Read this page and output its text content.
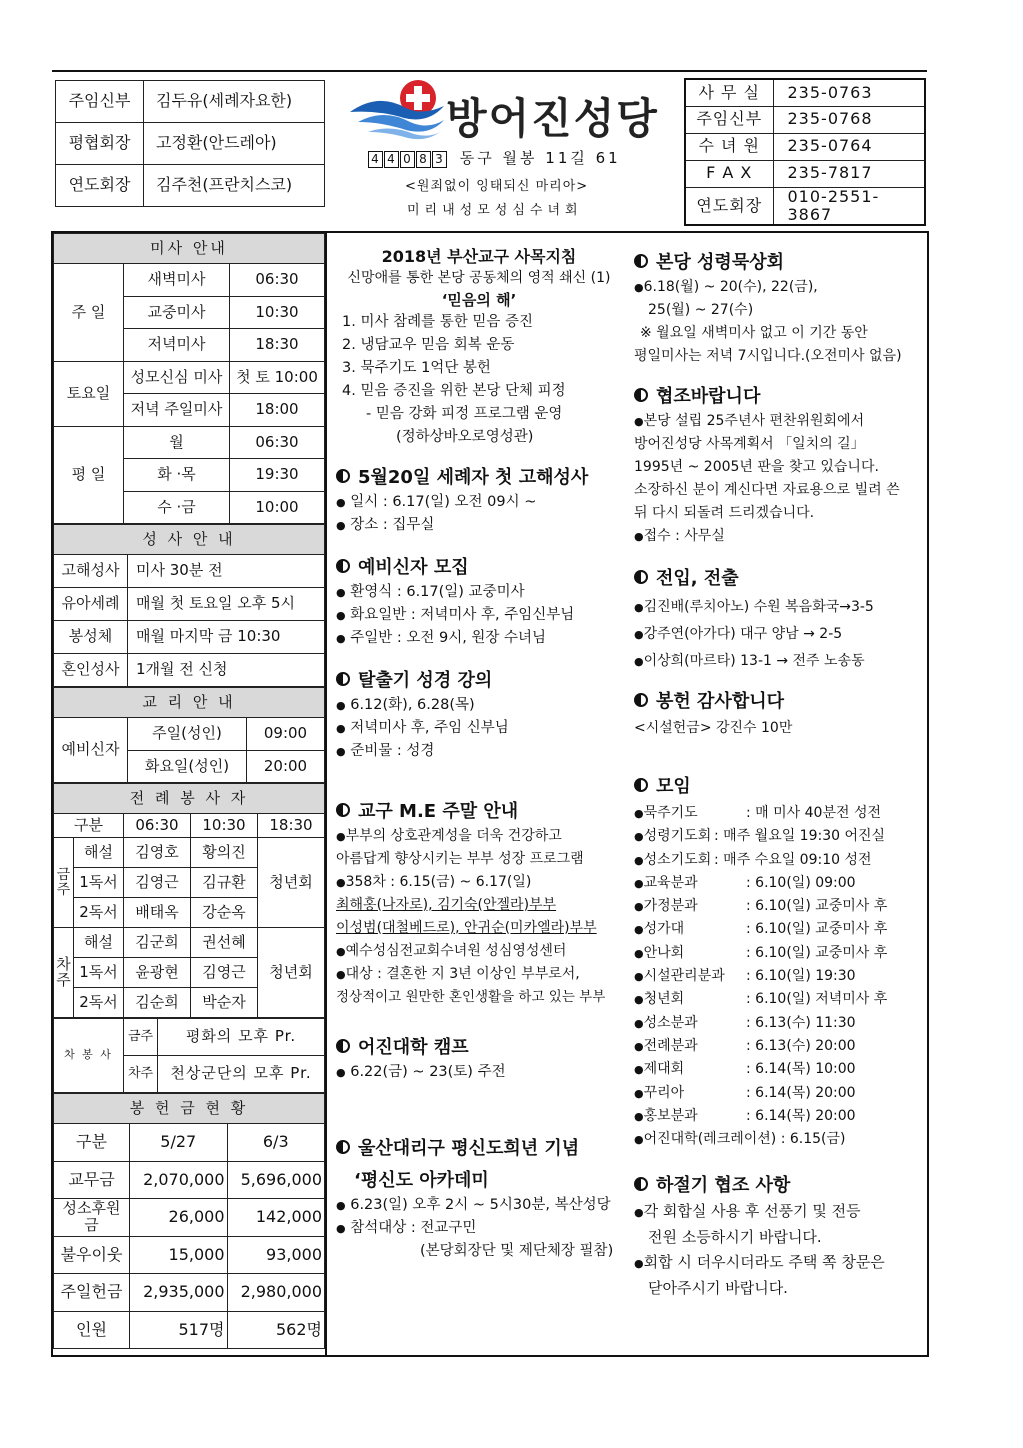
주임신부	김두유(세례자요한)
평협회장	고정환(안드레아)
연도회장	김주천(프란치스코)
방어진성당
4 4 0 8 3 동구 월봉 11길 61
<원죄없이 잉태되신 마리아>
미리내성모성심수녀회
사 무 실	235-0763
주임신부	235-0768
수 녀 원	235-0764
F A X	235-7817
연도회장	010-2551-3867
미사 안내		
주 일	새벽미사	06:30
	교중미사	10:30
	저녁미사	18:30
토요일	성모신심 미사	첫 토 10:00
	저녁 주일미사	18:00
평 일	월	06:30
	화 ·목	19:30
	수 ·금	10:00
성 사 안 내	
고해성사	미사 30분 전
유아세례	매월 첫 토요일 오후 5시
봉성체	매월 마지막 금 10:30
혼인성사	1개월 전 신청
교 리 안 내		
예비신자	주일(성인)	09:00
	화요일(성인)	20:00
전 례 봉 사 자				
구분		06:30	10:30	18:30
금 주	해설	김영호	황의진	청년회
	1독서	김영근	김규환	
	2독서	배태옥	강순옥	
차 주	해설	김군희	권선혜	청년회
	1독서	윤광현	김영근	
	2독서	김순희	박순자	
차 봉 사	금주	평화의 모후 Pr.
	차주	천상군단의 모후 Pr.
봉 헌 금 현 황		
구분	5/27	6/3
교무금	2,070,000	5,696,000
성소후원금	26,000	142,000
불우이웃	15,000	93,000
주일헌금	2,935,000	2,980,000
인원	517명	562명
2018년 부산교구 사목지침
신망애를 통한 본당 공동체의 영적 쇄신 (1)
‘믿음의 해’
1. 미사 참례를 통한 믿음 증진
2. 냉담교우 믿음 회복 운동
3. 묵주기도 1억단 봉헌
4. 믿음 증진을 위한 본당 단체 피정
- 믿음 강화 피정 프로그램 운영
(정하상바오로영성관)
5월20일 세례자 첫 고해성사
● 일시 : 6.17(일) 오전 09시 ~
● 장소 : 집무실
예비신자 모집
● 환영식 : 6.17(일) 교중미사
● 화요일반 : 저녁미사 후, 주임신부님
● 주일반 : 오전 9시, 원장 수녀님
탈출기 성경 강의
● 6.12(화), 6.28(목)
● 저녁미사 후, 주임 신부님
● 준비물 : 성경
교구 M.E 주말 안내
●부부의 상호관계성을 더욱 건강하고
아름답게 향상시키는 부부 성장 프로그램
●358차 : 6.15(금) ~ 6.17(일)
최해홍(나자로), 김기숙(안젤라)부부
이성범(대철베드로), 안귀순(미카엘라)부부
●예수성심전교회수녀원 성심영성센터
●대상 : 결혼한 지 3년 이상인 부부로서,
정상적이고 원만한 혼인생활을 하고 있는 부부
어진대학 캠프
● 6.22(금) ~ 23(토) 주전
울산대리구 평신도희년 기념
‘평신도 아카데미
● 6.23(일) 오후 2시 ~ 5시30분, 복산성당
● 참석대상 : 전교구민
(본당회장단 및 제단체장 필참)
본당 성령묵상회
●6.18(월) ~ 20(수), 22(금),
25(월) ~ 27(수)
※ 월요일 새벽미사 없고 이 기간 동안
평일미사는 저녁 7시입니다.(오전미사 없음)
협조바랍니다
●본당 설립 25주년사 편찬위원회에서
방어진성당 사목계획서 「일치의 길」
1995년 ~ 2005년 판을 찾고 있습니다.
소장하신 분이 계신다면 자료용으로 빌려 쓴
뒤 다시 되돌려 드리겠습니다.
●접수 : 사무실
전입, 전출
●김진배(루치아노) 수원 복음화국→3-5
●강주연(아가다) 대구 양남 → 2-5
●이상희(마르타) 13-1 → 전주 노송동
봉헌 감사합니다
<시설헌금> 강진수 10만
모임
●묵주기도	: 매 미사 40분전 성전
●성령기도회 : 매주 월요일 19:30 어진실
●성소기도회 : 매주 수요일 09:10 성전
●교육분과	: 6.10(일) 09:00
●가정분과	: 6.10(일) 교중미사 후
●성가대	: 6.10(일) 교중미사 후
●안나회	: 6.10(일) 교중미사 후
●시설관리분과	: 6.10(일) 19:30
●청년회	: 6.10(일) 저녁미사 후
●성소분과	: 6.13(수) 11:30
●전례분과	: 6.13(수) 20:00
●제대회	: 6.14(목) 10:00
●꾸리아	: 6.14(목) 20:00
●홍보분과	: 6.14(목) 20:00
●어진대학(레크레이션) : 6.15(금)
하절기 협조 사항
●각 회합실 사용 후 선풍기 및 전등
전원 소등하시기 바랍니다.
●회합 시 더우시더라도 주택 쪽 창문은
닫아주시기 바랍니다.
